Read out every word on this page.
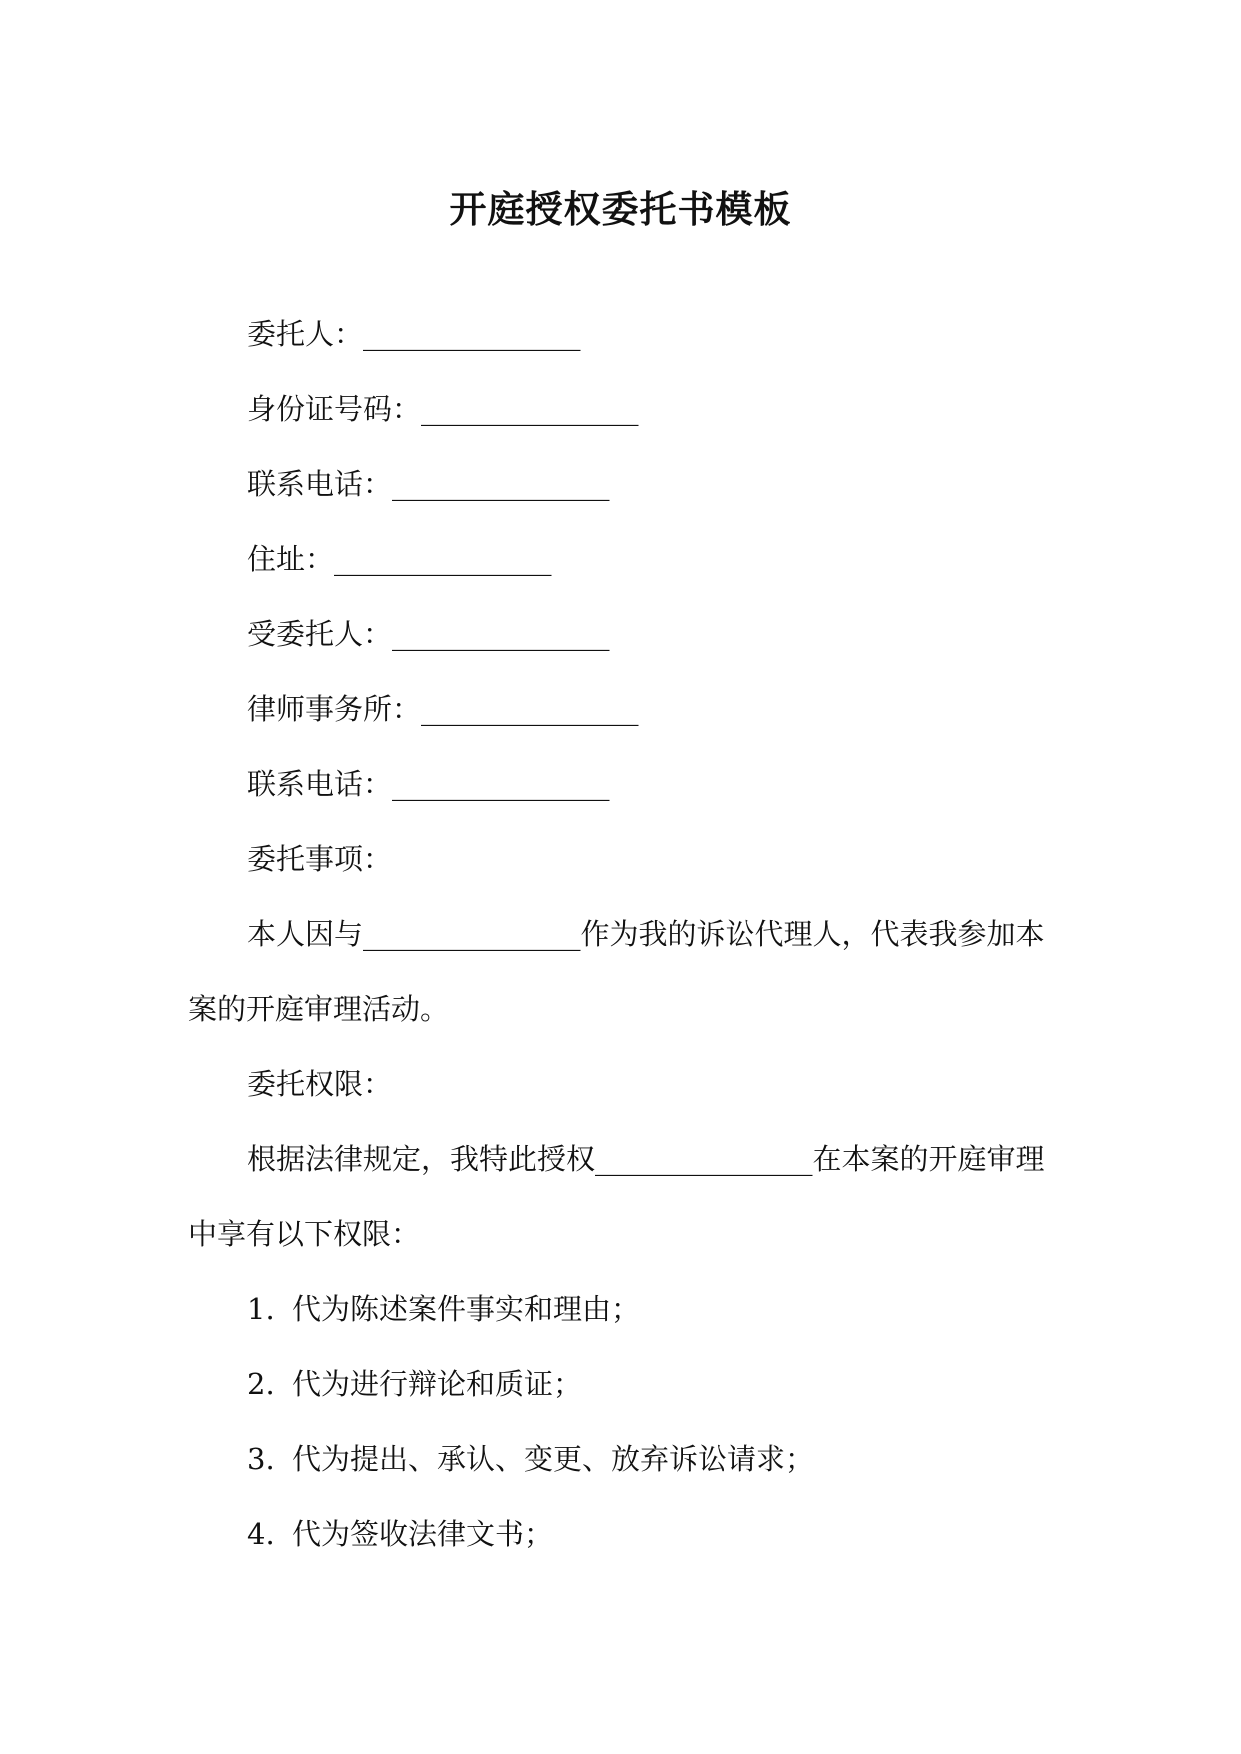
开庭授权委托书模板
委托人：_______________
身份证号码：_______________
联系电话：_______________
住址：_______________
受委托人：_______________
律师事务所：_______________
联系电话：_______________
委托事项：
本人因与_______________作为我的诉讼代理人，代表我参加本
案的开庭审理活动。
委托权限：
根据法律规定，我特此授权_______________在本案的开庭审理
中享有以下权限：
1. 代为陈述案件事实和理由；
2. 代为进行辩论和质证；
3. 代为提出、承认、变更、放弃诉讼请求；
4. 代为签收法律文书；
